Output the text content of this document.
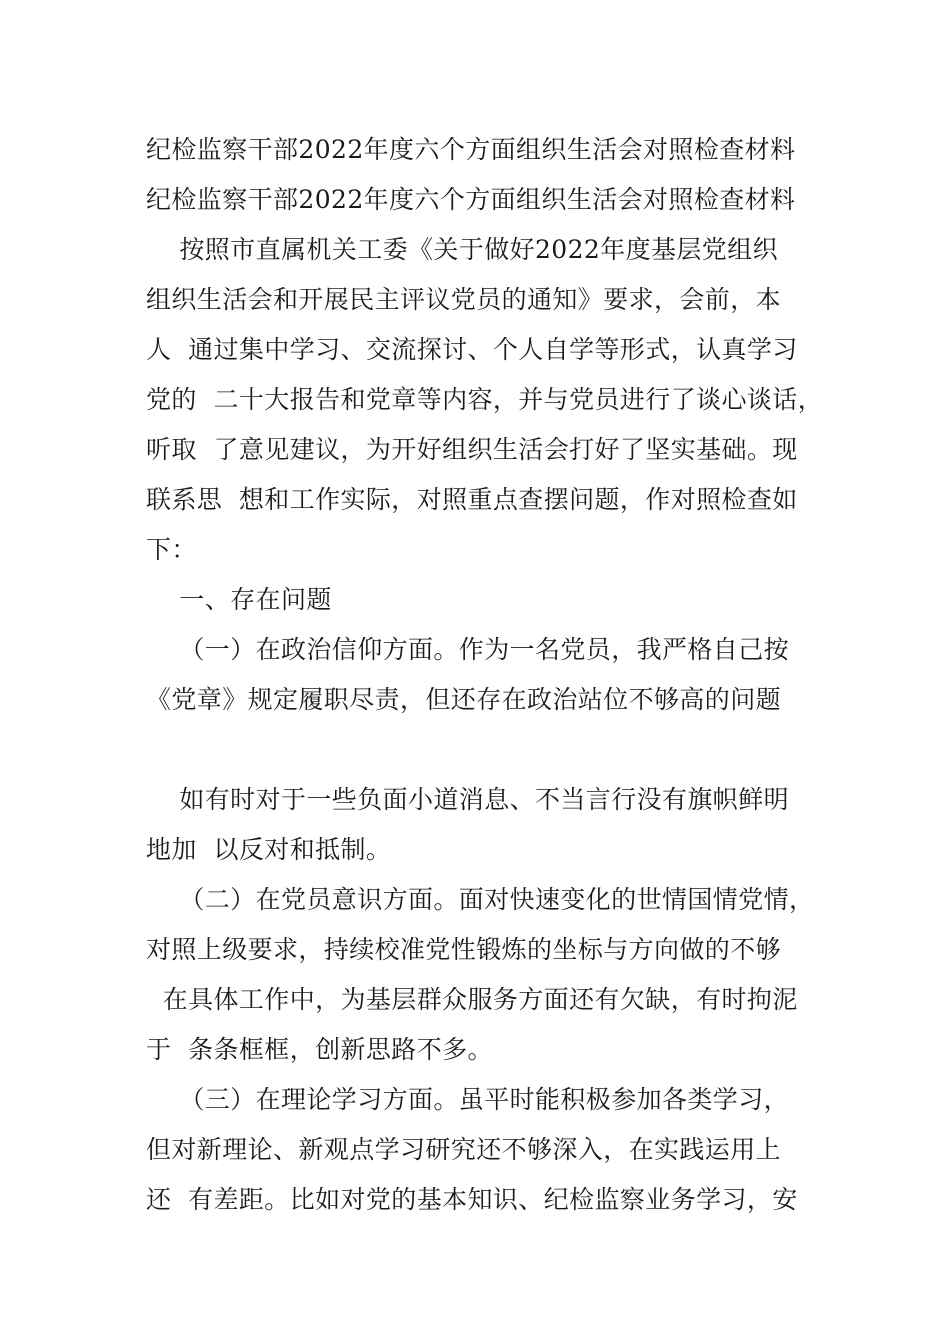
纪检监察干部2022年度六个方面组织生活会对照检查材料
纪检监察干部2022年度六个方面组织生活会对照检查材料
按照市直属机关工委《关于做好2022年度基层党组织
组织生活会和开展民主评议党员的通知》要求，会前，本
人  通过集中学习、交流探讨、个人自学等形式，认真学习
党的  二十大报告和党章等内容，并与党员进行了谈心谈话，
听取  了意见建议，为开好组织生活会打好了坚实基础。现
联系思  想和工作实际，对照重点查摆问题，作对照检查如
下：
一、存在问题
（一）在政治信仰方面。作为一名党员，我严格自己按
《党章》规定履职尽责，但还存在政治站位不够高的问题
如有时对于一些负面小道消息、不当言行没有旗帜鲜明
地加  以反对和抵制。
（二）在党员意识方面。面对快速变化的世情国情党情，
对照上级要求，持续校准党性锻炼的坐标与方向做的不够
在具体工作中，为基层群众服务方面还有欠缺，有时拘泥
于  条条框框，创新思路不多。
（三）在理论学习方面。虽平时能积极参加各类学习，
但对新理论、新观点学习研究还不够深入，在实践运用上
还  有差距。比如对党的基本知识、纪检监察业务学习，安
